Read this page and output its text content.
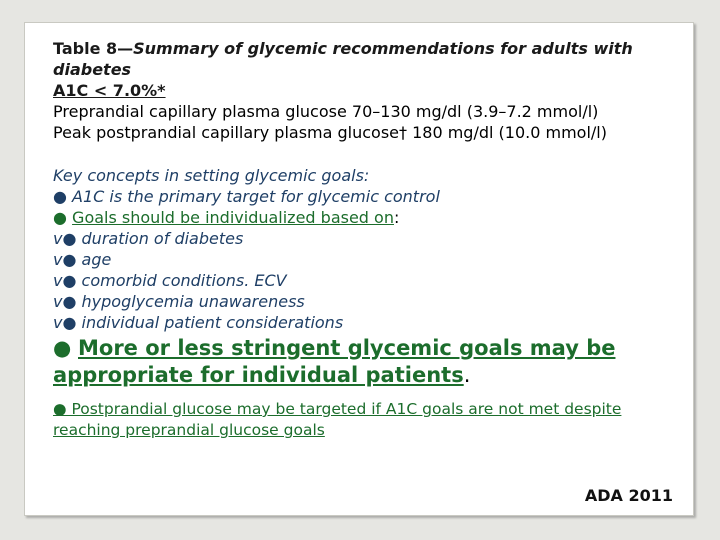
Table 8—Summary of glycemic recommendations for adults with diabetes
A1C < 7.0%*
Preprandial capillary plasma glucose 70–130 mg/dl (3.9–7.2 mmol/l)
Peak postprandial capillary plasma glucose† 180 mg/dl (10.0 mmol/l)
Key concepts in setting glycemic goals:
● A1C is the primary target for glycemic control
● Goals should be individualized based on:
v● duration of diabetes
v● age
v● comorbid conditions. ECV
v● hypoglycemia unawareness
v● individual patient considerations
● More or less stringent glycemic goals may be appropriate for individual patients.
● Postprandial glucose may be targeted if A1C goals are not met despite reaching preprandial glucose goals
ADA 2011
